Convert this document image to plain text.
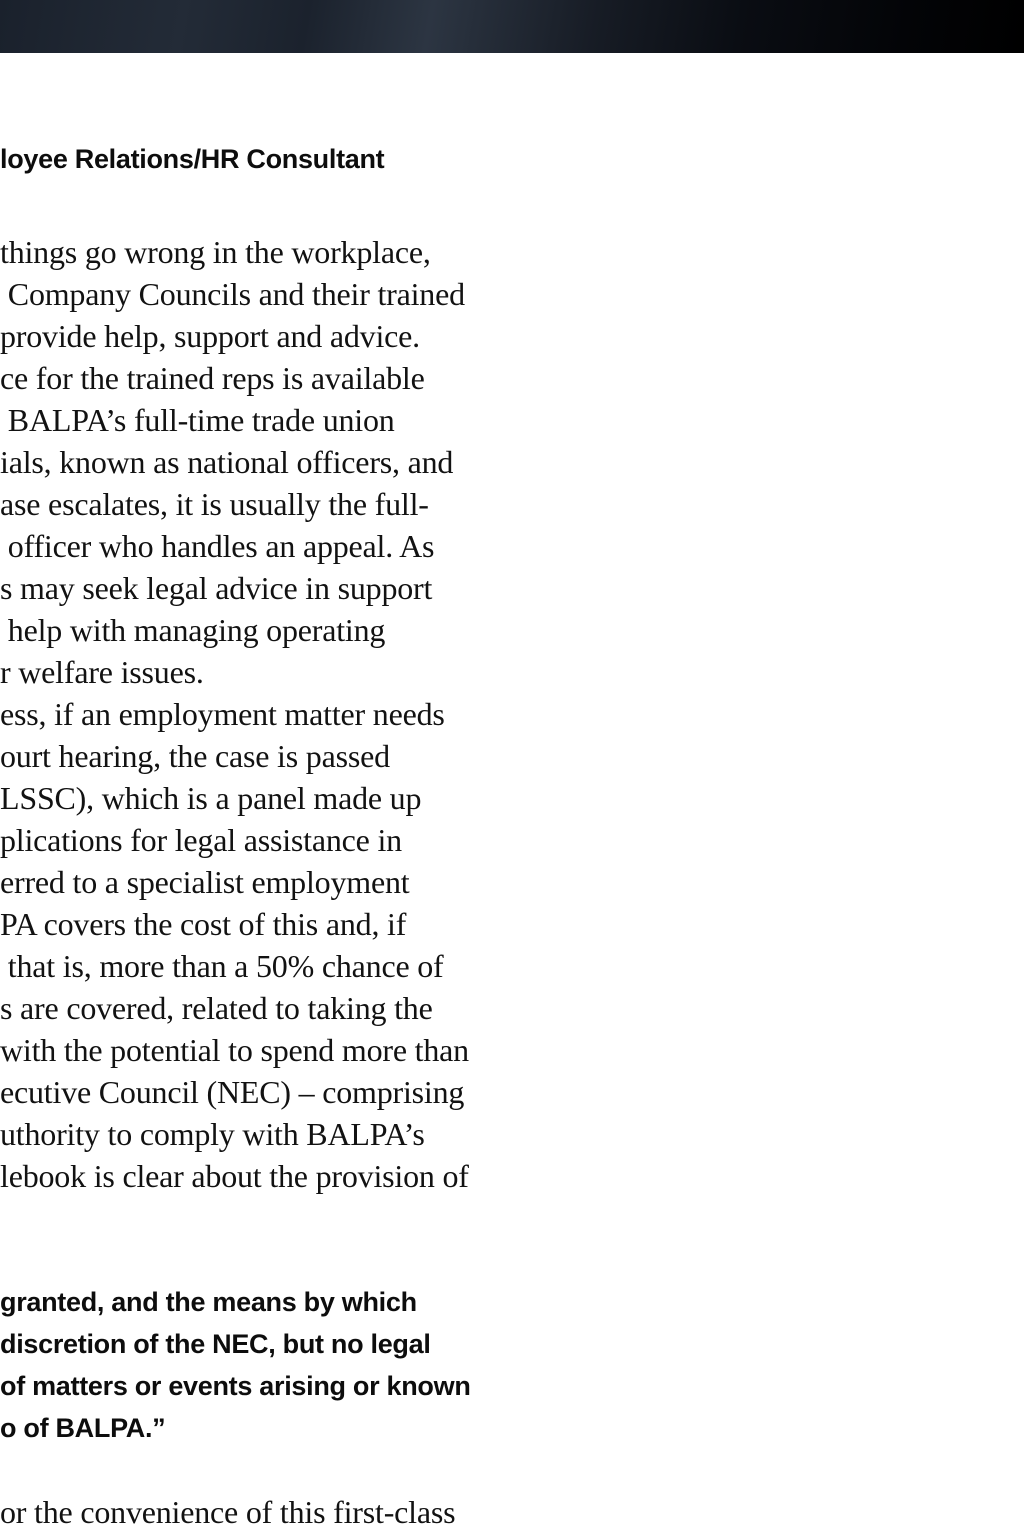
loyee Relations/HR Consultant
things go wrong in the workplace,
Company Councils and their trained
provide help, support and advice.
ce for the trained reps is available
BALPA’s full-time trade union
ials, known as national officers, and
ase escalates, it is usually the full-
officer who handles an appeal. As
s may seek legal advice in support
help with managing operating
r welfare issues.
ess, if an employment matter needs
ourt hearing, the case is passed
LSSC), which is a panel made up
plications for legal assistance in
erred to a specialist employment
PA covers the cost of this and, if
that is, more than a 50% chance of
s are covered, related to taking the
with the potential to spend more than
ecutive Council (NEC) – comprising
uthority to comply with BALPA’s
lebook is clear about the provision of
granted, and the means by which
discretion of the NEC, but no legal
of matters or events arising or known
o of BALPA.”
or the convenience of this first-class
